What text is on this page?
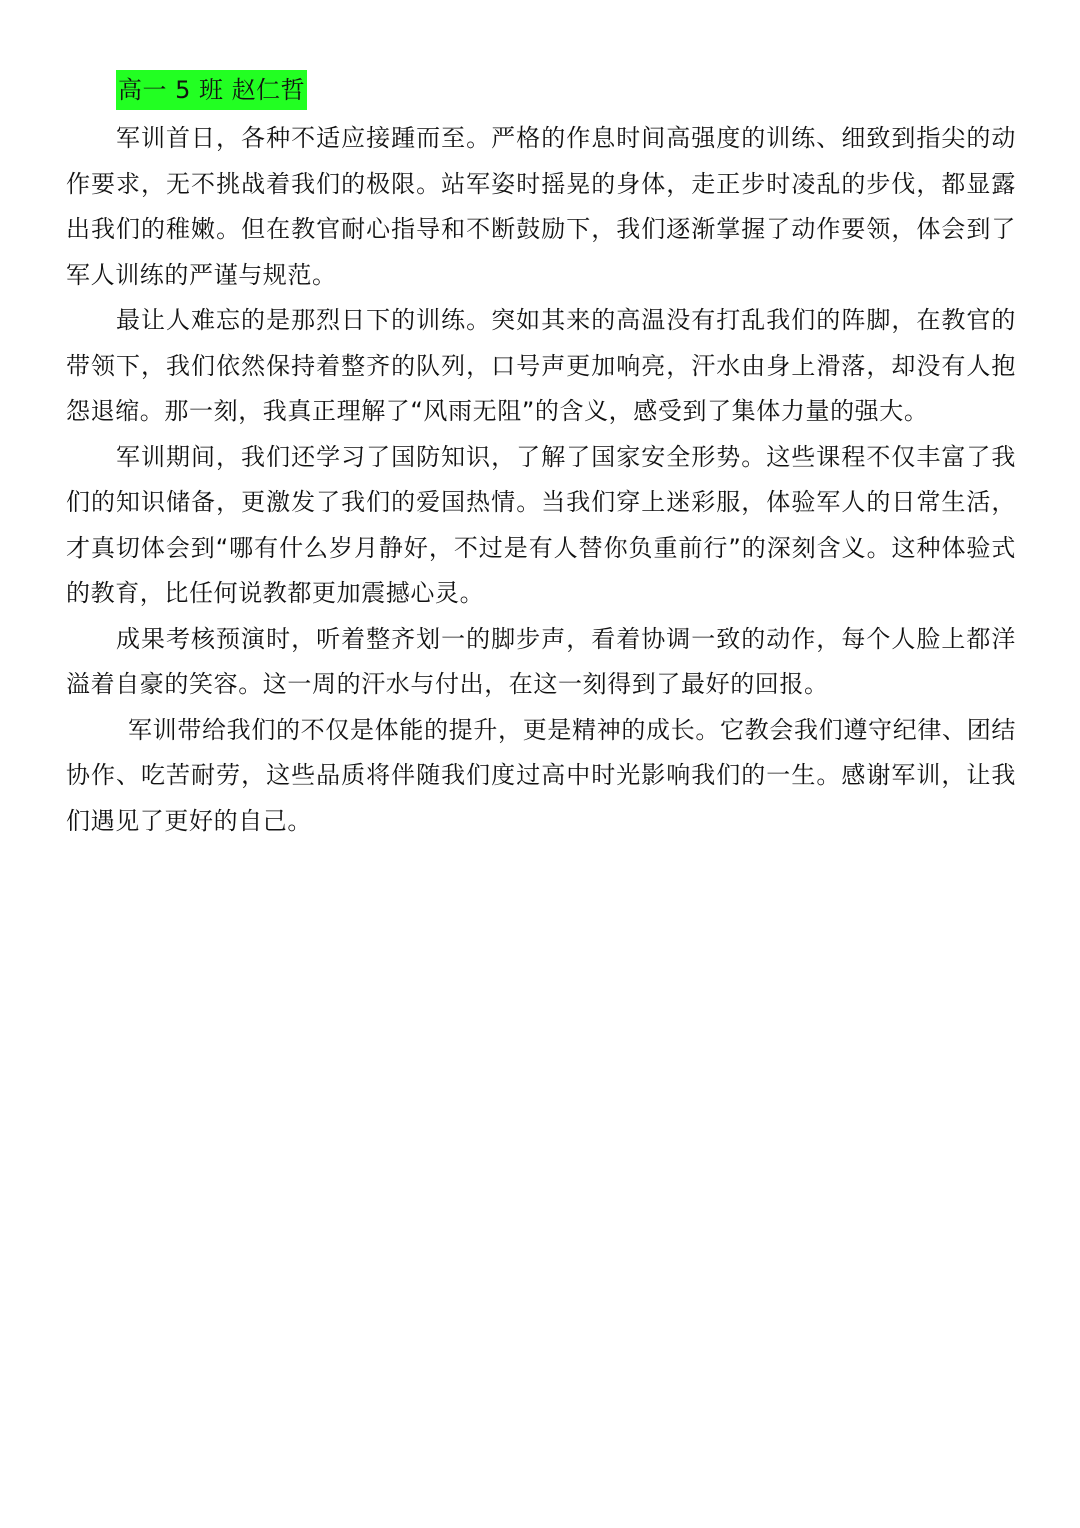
高一 5 班 赵仁哲

军训首日，各种不适应接踵而至。严格的作息时间高强度的训练、细致到指尖的动作要求，无不挑战着我们的极限。站军姿时摇晃的身体，走正步时凌乱的步伐，都显露出我们的稚嫩。但在教官耐心指导和不断鼓励下，我们逐渐掌握了动作要领，体会到了军人训练的严谨与规范。

最让人难忘的是那烈日下的训练。突如其来的高温没有打乱我们的阵脚，在教官的带领下，我们依然保持着整齐的队列，口号声更加响亮，汗水由身上滑落，却没有人抱怨退缩。那一刻，我真正理解了“风雨无阻”的含义，感受到了集体力量的强大。

军训期间，我们还学习了国防知识，了解了国家安全形势。这些课程不仅丰富了我们的知识储备，更激发了我们的爱国热情。当我们穿上迷彩服，体验军人的日常生活，才真切体会到“哪有什么岁月静好，不过是有人替你负重前行”的深刻含义。这种体验式的教育，比任何说教都更加震撼心灵。

成果考核预演时，听着整齐划一的脚步声，看着协调一致的动作，每个人脸上都洋溢着自豪的笑容。这一周的汗水与付出，在这一刻得到了最好的回报。

军训带给我们的不仅是体能的提升，更是精神的成长。它教会我们遵守纪律、团结协作、吃苦耐劳，这些品质将伴随我们度过高中时光影响我们的一生。感谢军训，让我们遇见了更好的自己。
